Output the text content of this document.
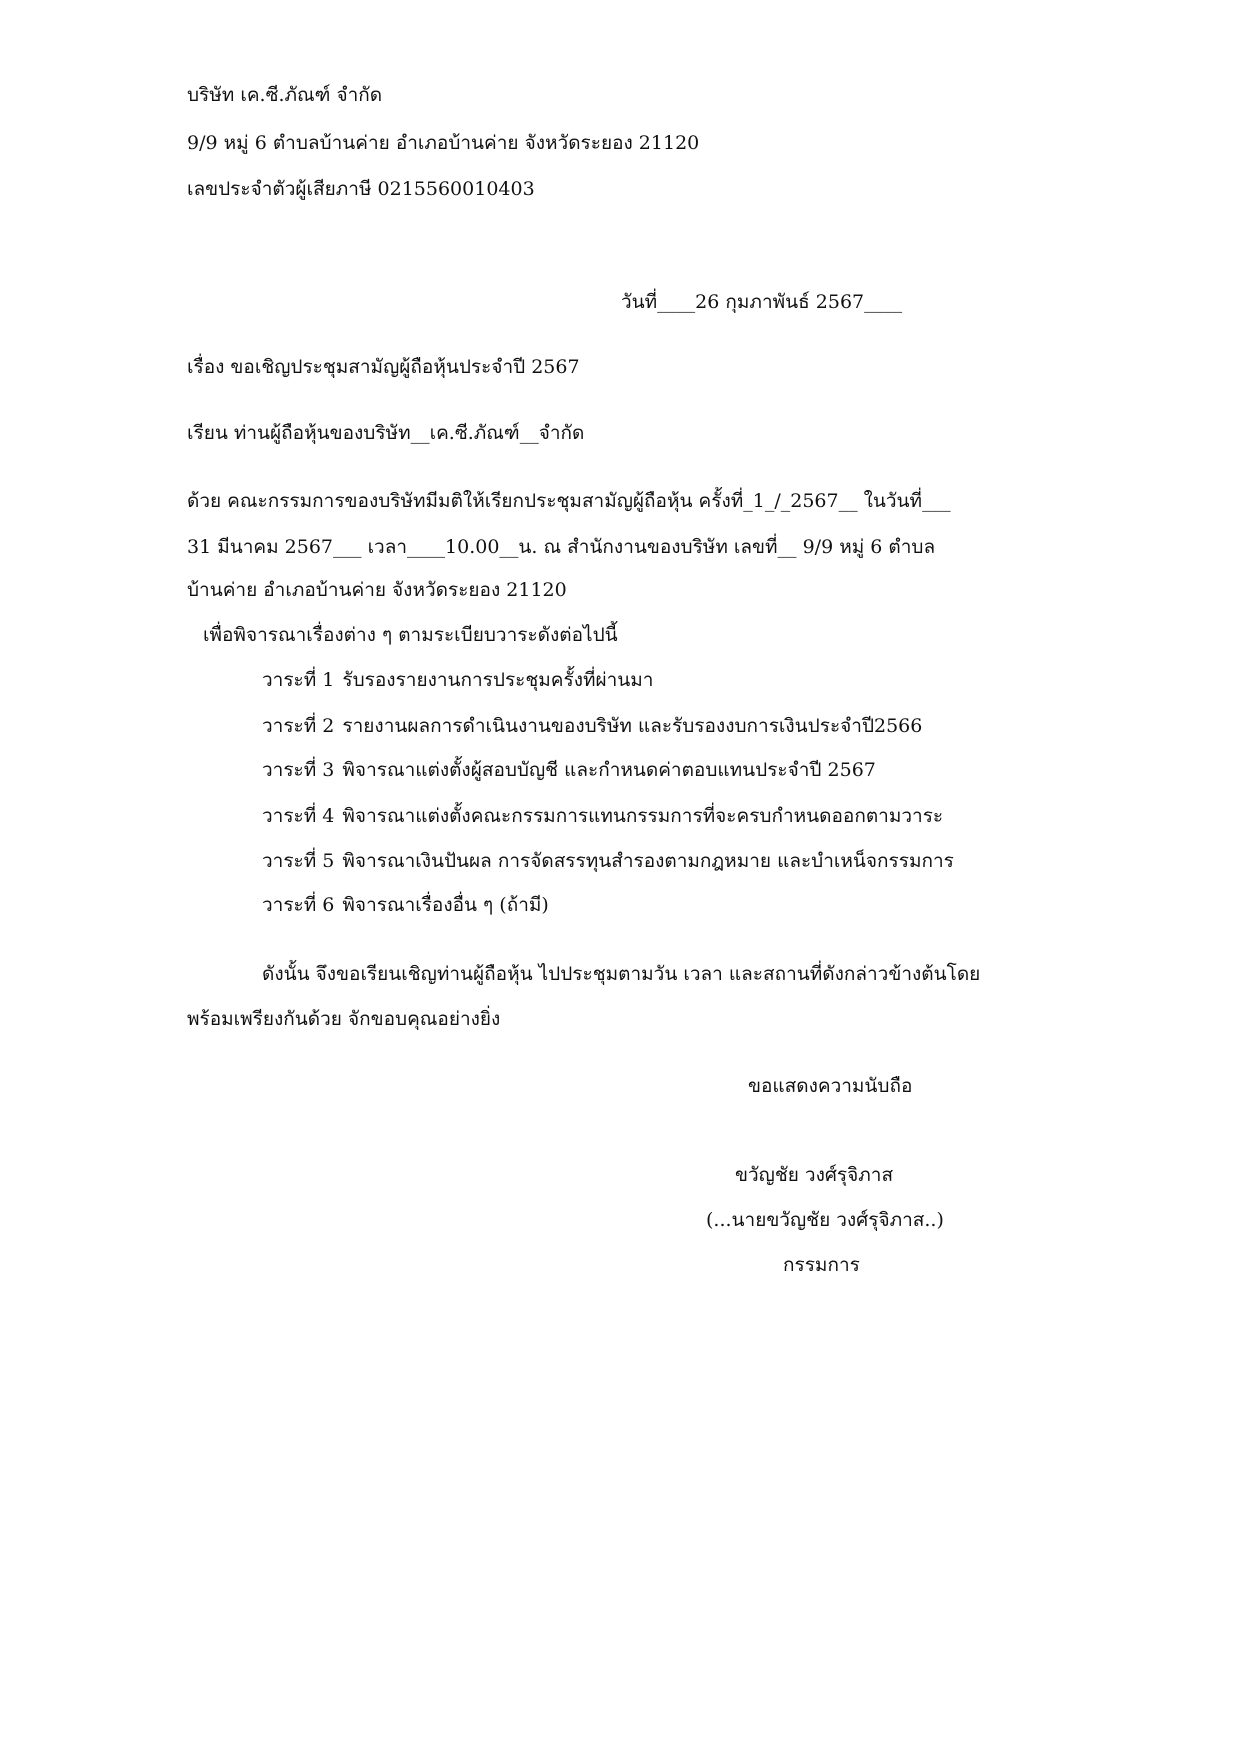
บริษัท เค.ซี.ภัณฑ์ จำกัด
9/9 หมู่ 6 ตำบลบ้านค่าย อำเภอบ้านค่าย จังหวัดระยอง 21120
เลขประจำตัวผู้เสียภาษี 0215560010403
วันที่____26 กุมภาพันธ์ 2567____
เรื่อง ขอเชิญประชุมสามัญผู้ถือหุ้นประจำปี 2567
เรียน ท่านผู้ถือหุ้นของบริษัท__เค.ซี.ภัณฑ์__จำกัด
ด้วย คณะกรรมการของบริษัทมีมติให้เรียกประชุมสามัญผู้ถือหุ้น ครั้งที่_1_/_2567__ ในวันที่___
31 มีนาคม 2567___ เวลา____10.00__น. ณ สำนักงานของบริษัท เลขที่__ 9/9 หมู่ 6 ตำบล
บ้านค่าย อำเภอบ้านค่าย จังหวัดระยอง 21120
เพื่อพิจารณาเรื่องต่าง ๆ ตามระเบียบวาระดังต่อไปนี้
วาระที่ 1 รับรองรายงานการประชุมครั้งที่ผ่านมา
วาระที่ 2 รายงานผลการดำเนินงานของบริษัท และรับรองงบการเงินประจำปี2566
วาระที่ 3 พิจารณาแต่งตั้งผู้สอบบัญชี และกำหนดค่าตอบแทนประจำปี 2567
วาระที่ 4 พิจารณาแต่งตั้งคณะกรรมการแทนกรรมการที่จะครบกำหนดออกตามวาระ
วาระที่ 5 พิจารณาเงินปันผล การจัดสรรทุนสำรองตามกฎหมาย และบำเหน็จกรรมการ
วาระที่ 6 พิจารณาเรื่องอื่น ๆ (ถ้ามี)
ดังนั้น จึงขอเรียนเชิญท่านผู้ถือหุ้น ไปประชุมตามวัน เวลา และสถานที่ดังกล่าวข้างต้นโดย
พร้อมเพรียงกันด้วย จักขอบคุณอย่างยิ่ง
ขอแสดงความนับถือ
ขวัญชัย วงศ์รุจิภาส
(...นายขวัญชัย วงศ์รุจิภาส..)
กรรมการ
